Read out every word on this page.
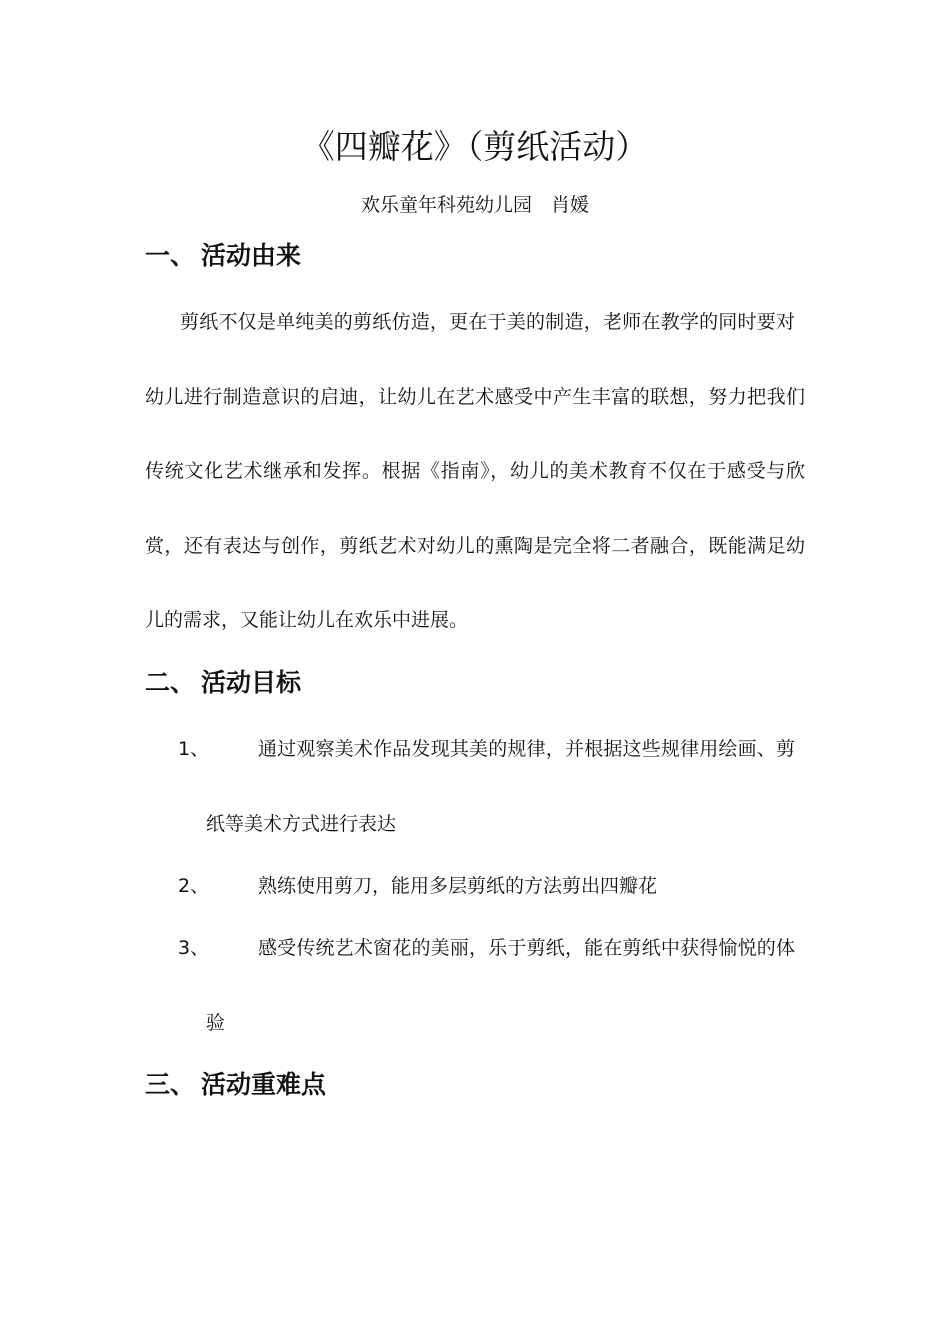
《四瓣花》（剪纸活动）
欢乐童年科苑幼儿园　肖媛
一、 活动由来
剪纸不仅是单纯美的剪纸仿造，更在于美的制造，老师在教学的同时要对
幼儿进行制造意识的启迪，让幼儿在艺术感受中产生丰富的联想，努力把我们
传统文化艺术继承和发挥。根据《指南》，幼儿的美术教育不仅在于感受与欣
赏，还有表达与创作，剪纸艺术对幼儿的熏陶是完全将二者融合，既能满足幼
儿的需求，又能让幼儿在欢乐中进展。
二、 活动目标
1、	通过观察美术作品发现其美的规律，并根据这些规律用绘画、剪
纸等美术方式进行表达
2、	熟练使用剪刀，能用多层剪纸的方法剪出四瓣花
3、	感受传统艺术窗花的美丽，乐于剪纸，能在剪纸中获得愉悦的体
验
三、 活动重难点
